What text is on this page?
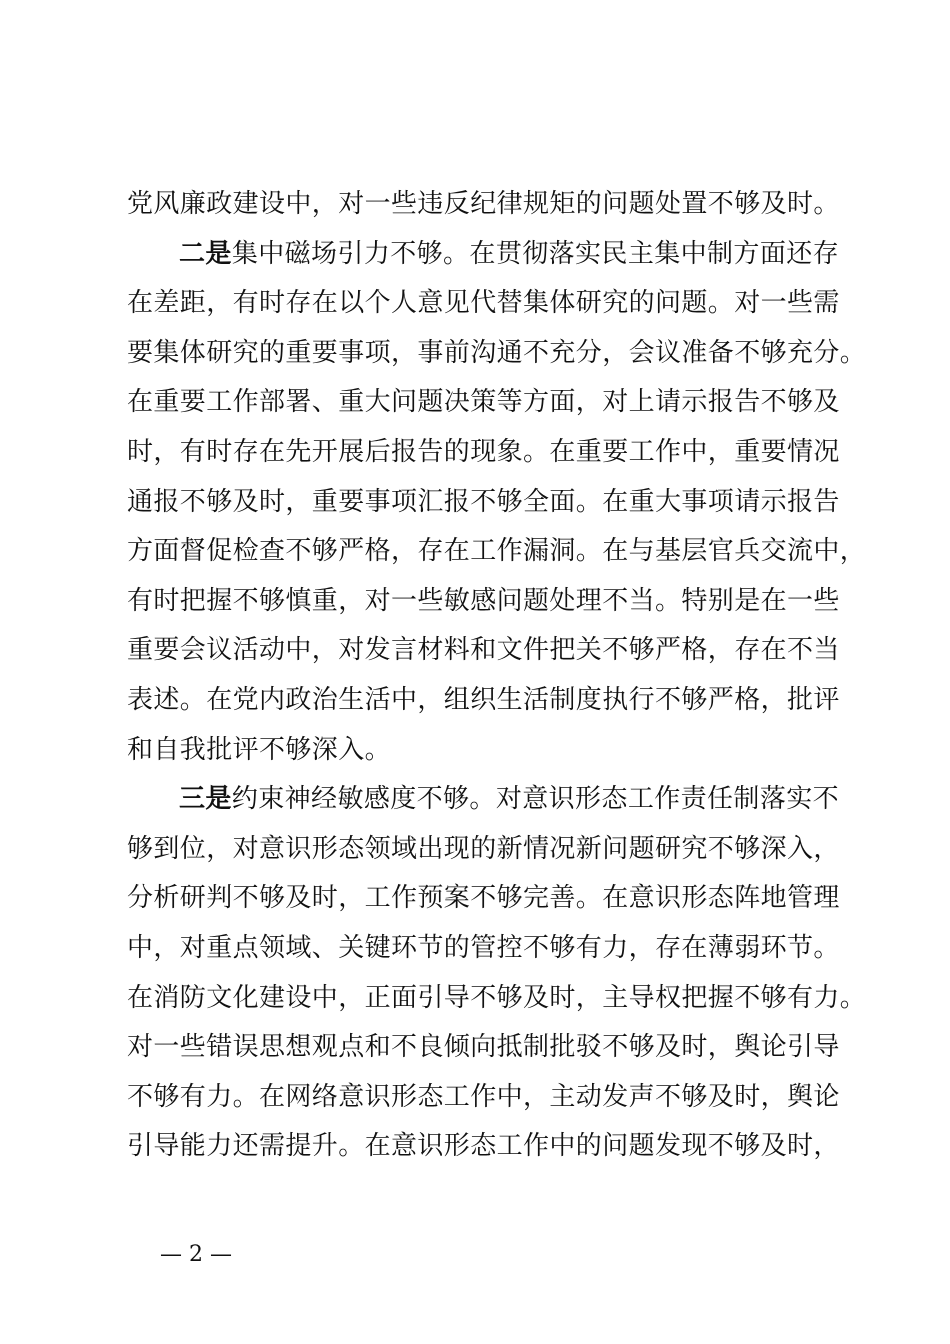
党风廉政建设中，对一些违反纪律规矩的问题处置不够及时。
二是集中磁场引力不够。在贯彻落实民主集中制方面还存
在差距，有时存在以个人意见代替集体研究的问题。对一些需
要集体研究的重要事项，事前沟通不充分，会议准备不够充分。
在重要工作部署、重大问题决策等方面，对上请示报告不够及
时，有时存在先开展后报告的现象。在重要工作中，重要情况
通报不够及时，重要事项汇报不够全面。在重大事项请示报告
方面督促检查不够严格，存在工作漏洞。在与基层官兵交流中，
有时把握不够慎重，对一些敏感问题处理不当。特别是在一些
重要会议活动中，对发言材料和文件把关不够严格，存在不当
表述。在党内政治生活中，组织生活制度执行不够严格，批评
和自我批评不够深入。
三是约束神经敏感度不够。对意识形态工作责任制落实不
够到位，对意识形态领域出现的新情况新问题研究不够深入，
分析研判不够及时，工作预案不够完善。在意识形态阵地管理
中，对重点领域、关键环节的管控不够有力，存在薄弱环节。
在消防文化建设中，正面引导不够及时，主导权把握不够有力。
对一些错误思想观点和不良倾向抵制批驳不够及时，舆论引导
不够有力。在网络意识形态工作中，主动发声不够及时，舆论
引导能力还需提升。在意识形态工作中的问题发现不够及时，
— 2 —
